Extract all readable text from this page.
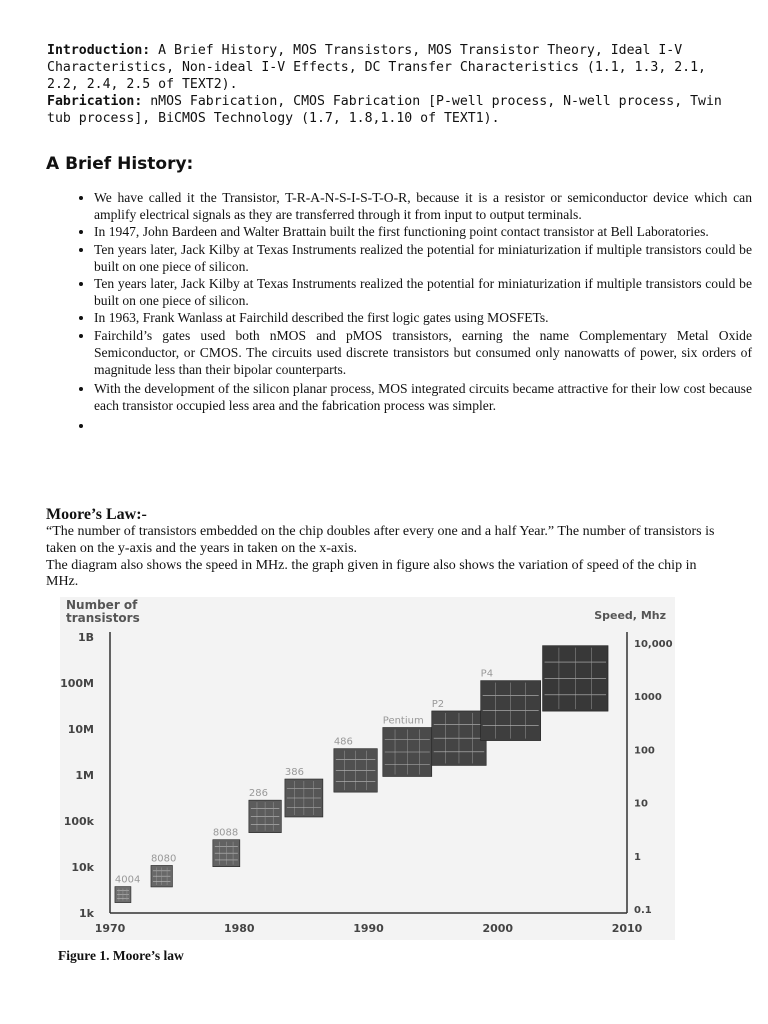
Introduction: A Brief History, MOS Transistors, MOS Transistor Theory, Ideal I-V Characteristics, Non-ideal I-V Effects, DC Transfer Characteristics (1.1, 1.3, 2.1, 2.2, 2.4, 2.5 of TEXT2).
Fabrication: nMOS Fabrication, CMOS Fabrication [P-well process, N-well process, Twin tub process], BiCMOS Technology (1.7, 1.8,1.10 of TEXT1).
A Brief History:
• We have called it the Transistor, T-R-A-N-S-I-S-T-O-R, because it is a resistor or semiconductor device which can amplify electrical signals as they are transferred through it from input to output terminals.
• In 1947, John Bardeen and Walter Brattain built the first functioning point contact transistor at Bell Laboratories.
• Ten years later, Jack Kilby at Texas Instruments realized the potential for miniaturization if multiple transistors could be built on one piece of silicon.
• Ten years later, Jack Kilby at Texas Instruments realized the potential for miniaturization if multiple transistors could be built on one piece of silicon.
• In 1963, Frank Wanlass at Fairchild described the first logic gates using MOSFETs.
• Fairchild’s gates used both nMOS and pMOS transistors, earning the name Complementary Metal Oxide Semiconductor, or CMOS. The circuits used discrete transistors but consumed only nanowatts of power, six orders of magnitude less than their bipolar counterparts.
• With the development of the silicon planar process, MOS integrated circuits became attractive for their low cost because each transistor occupied less area and the fabrication process was simpler.
•
Moore’s Law:-
“The number of transistors embedded on the chip doubles after every one and a half Year.” The number of transistors is taken on the y-axis and the years in taken on the x-axis.
The diagram also shows the speed in MHz. the graph given in figure also shows the variation of speed of the chip in MHz.
Number of
transistors	Speed, Mhz
1k
10k
100k
1M
10M
100M
1B
0.1
1
10
100
1000
10,000
1970	1980	1990	2000	2010
4004
8080
8088
286
386
486
Pentium
P2
P4
Figure 1. Moore’s law
